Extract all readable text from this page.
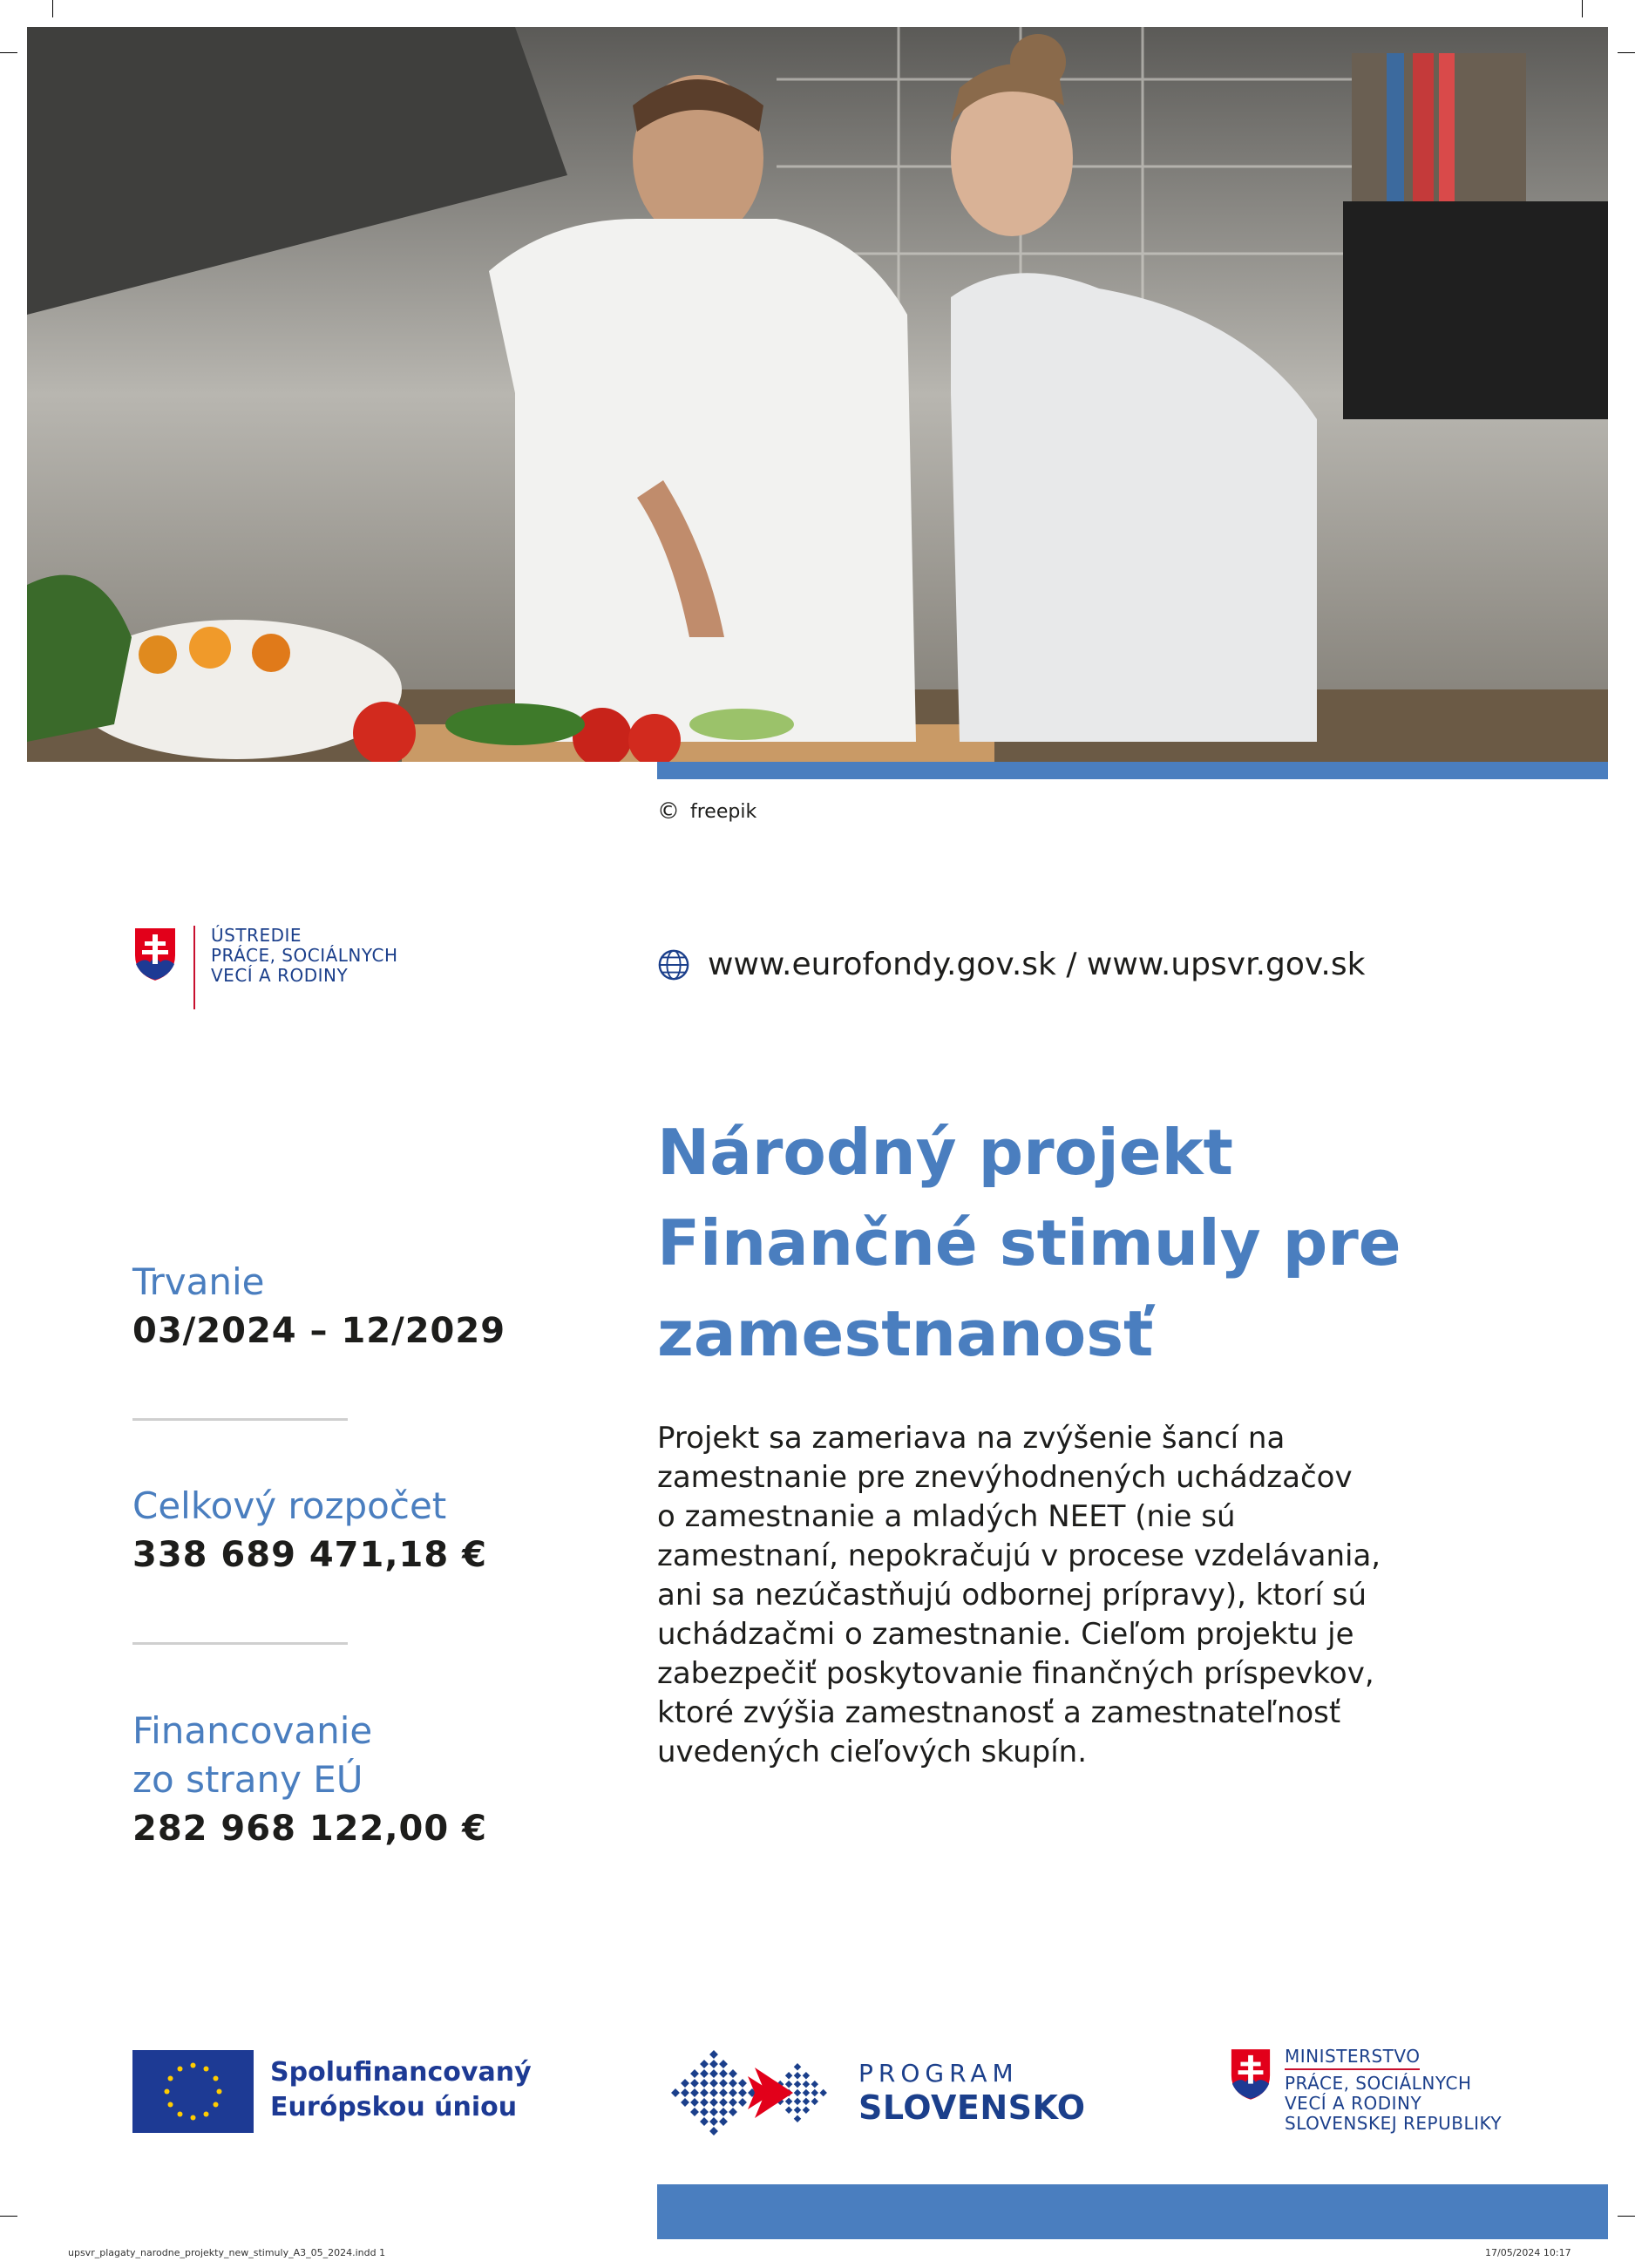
© freepik
ÚSTREDIE
PRÁCE, SOCIÁLNYCH
VECÍ A RODINY	www.eurofondy.gov.sk / www.upsvr.gov.sk
Národný projekt
Finančné stimuly pre
zamestnanosť
Projekt sa zameriava na zvýšenie šancí na
zamestnanie pre znevýhodnených uchádzačov
o zamestnanie a mladých NEET (nie sú
zamestnaní, nepokračujú v procese vzdelávania,
ani sa nezúčastňujú odbornej prípravy), ktorí sú
uchádzačmi o zamestnanie. Cieľom projektu je
zabezpečiť poskytovanie finančných príspevkov,
ktoré zvýšia zamestnanosť a zamestnateľnosť
uvedených cieľových skupín.
Trvanie
03/2024 – 12/2029
Celkový rozpočet
338 689 471,18 €
Financovanie
zo strany EÚ
282 968 122,00 €
Spolufinancovaný
Európskou úniou
PROGRAM
SLOVENSKO
MINISTERSTVO
PRÁCE, SOCIÁLNYCH
VECÍ A RODINY
SLOVENSKEJ REPUBLIKY
upsvr_plagaty_narodne_projekty_new_stimuly_A3_05_2024.indd 1	17/05/2024 10:17
